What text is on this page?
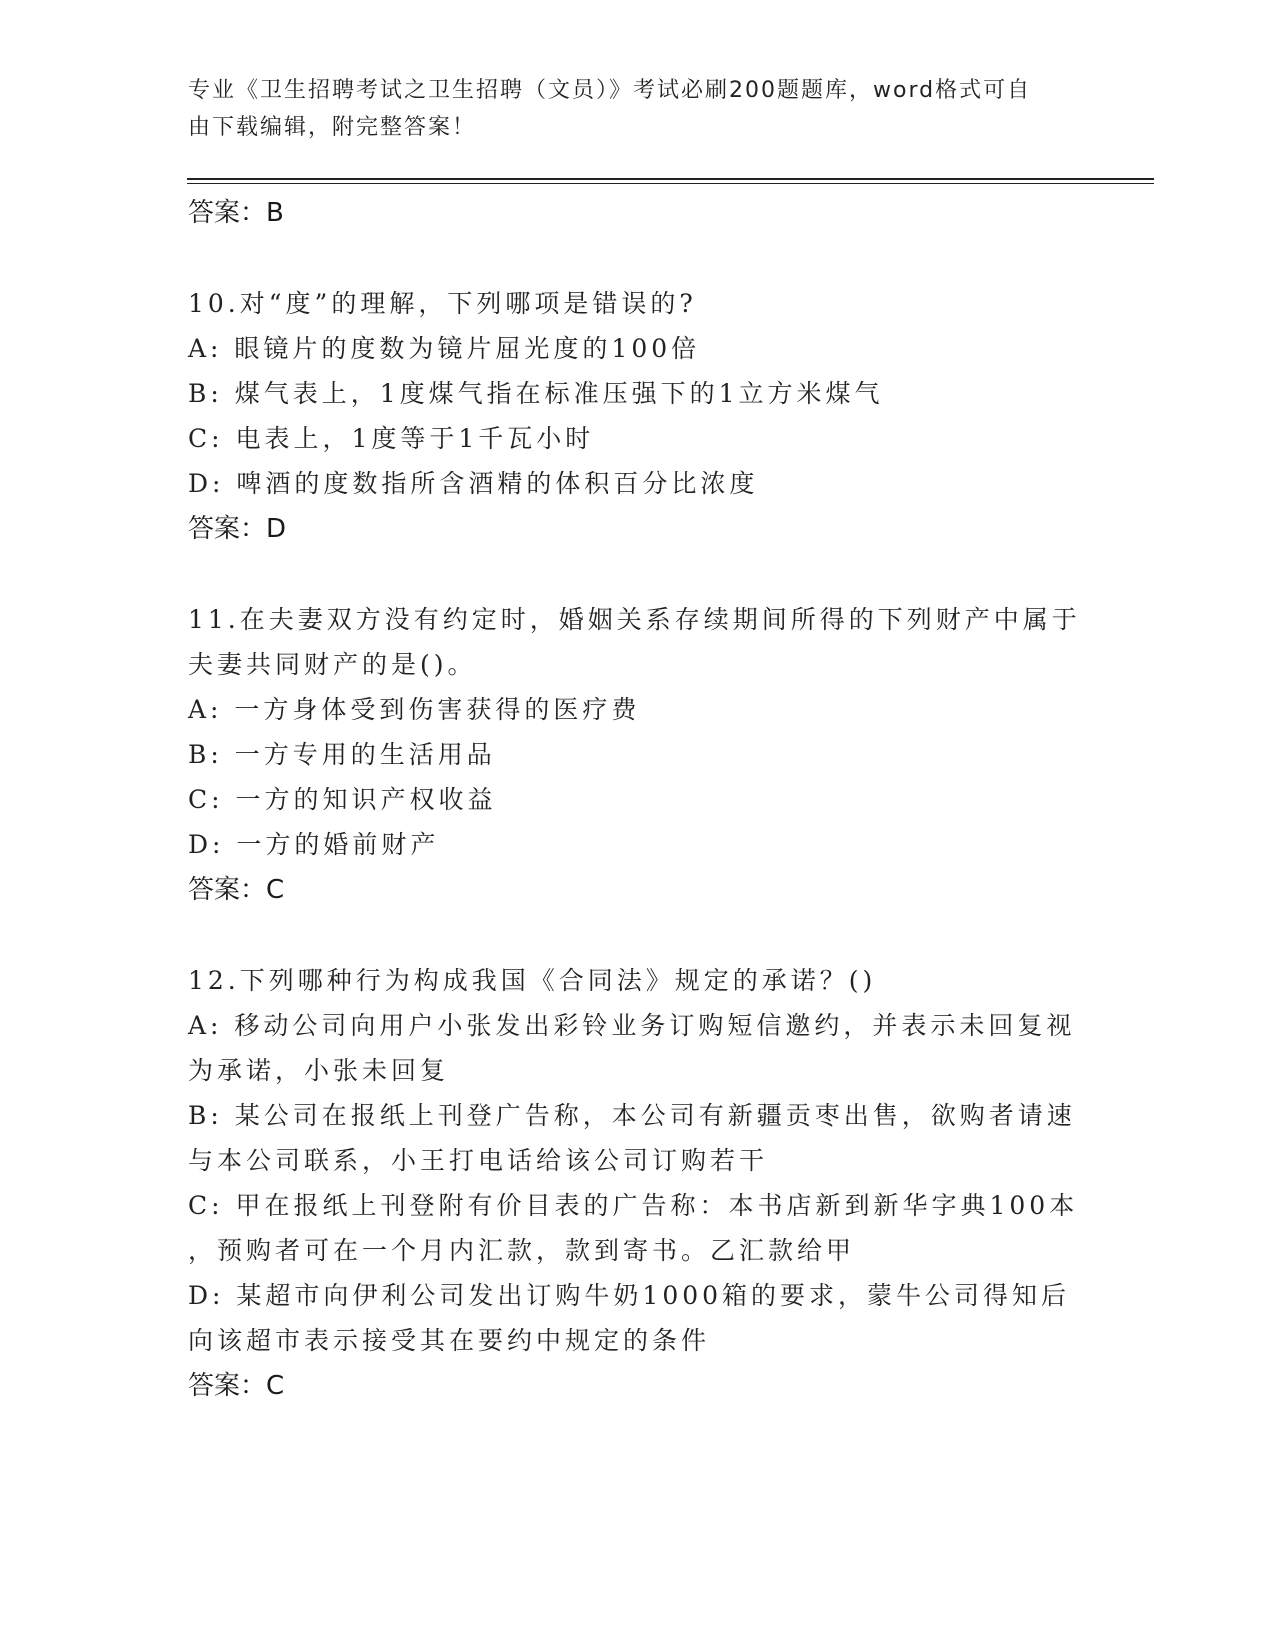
专业《卫生招聘考试之卫生招聘（文员）》考试必刷200题题库，word格式可自
由下载编辑，附完整答案！
答案：B
10.对“度”的理解，下列哪项是错误的?
A: 眼镜片的度数为镜片屈光度的100倍
B: 煤气表上，1度煤气指在标准压强下的1立方米煤气
C: 电表上，1度等于1千瓦小时
D: 啤酒的度数指所含酒精的体积百分比浓度
答案：D
11.在夫妻双方没有约定时，婚姻关系存续期间所得的下列财产中属于
夫妻共同财产的是()。
A: 一方身体受到伤害获得的医疗费
B: 一方专用的生活用品
C: 一方的知识产权收益
D: 一方的婚前财产
答案：C
12.下列哪种行为构成我国《合同法》规定的承诺？()
A: 移动公司向用户小张发出彩铃业务订购短信邀约，并表示未回复视
为承诺，小张未回复
B: 某公司在报纸上刊登广告称，本公司有新疆贡枣出售，欲购者请速
与本公司联系，小王打电话给该公司订购若干
C: 甲在报纸上刊登附有价目表的广告称：本书店新到新华字典100本
，预购者可在一个月内汇款，款到寄书。乙汇款给甲
D: 某超市向伊利公司发出订购牛奶1000箱的要求，蒙牛公司得知后
向该超市表示接受其在要约中规定的条件
答案：C
